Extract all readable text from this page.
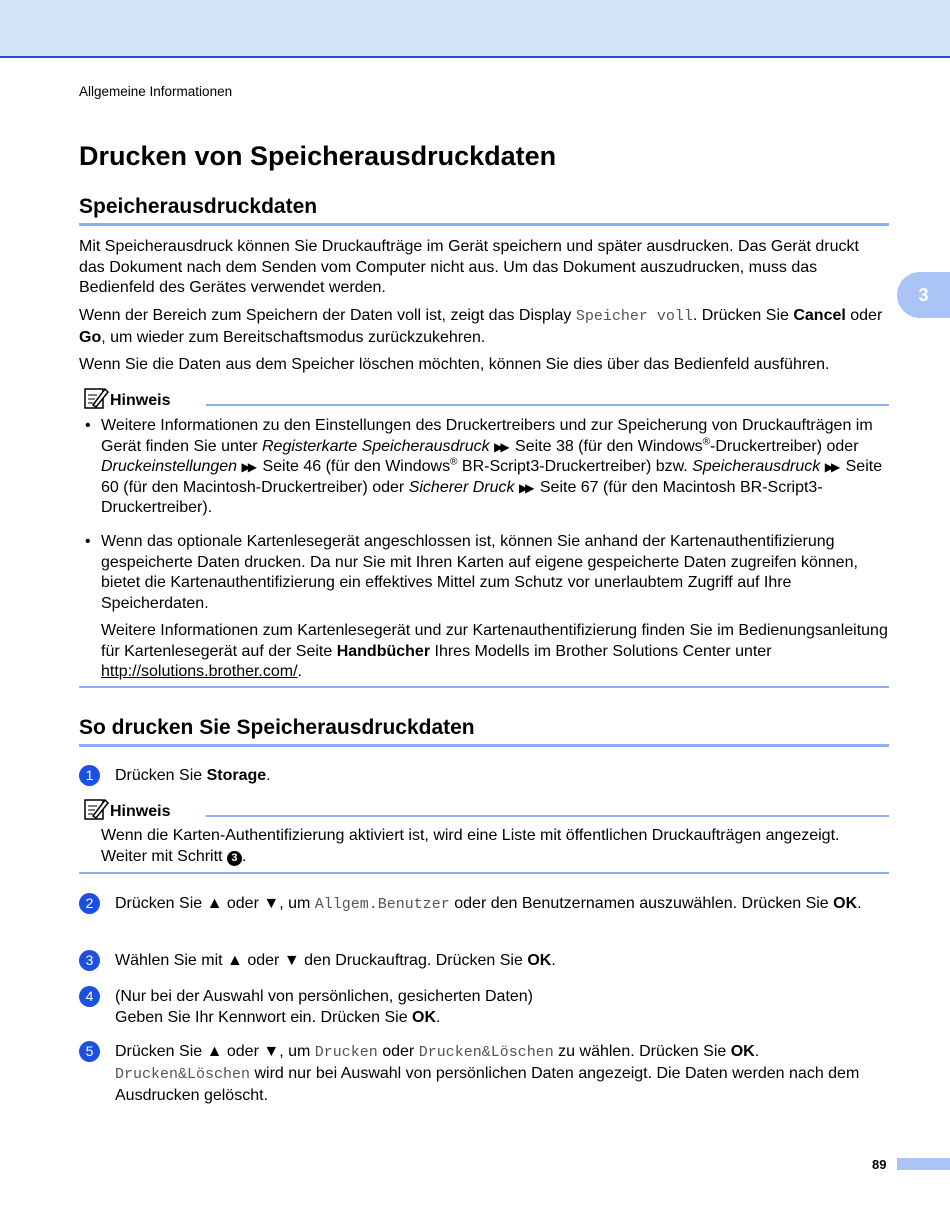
Allgemeine Informationen
3
Drucken von Speicherausdruckdaten
Speicherausdruckdaten

Mit Speicherausdruck können Sie Druckaufträge im Gerät speichern und später ausdrucken. Das Gerät druckt das Dokument nach dem Senden vom Computer nicht aus. Um das Dokument auszudrucken, muss das Bedienfeld des Gerätes verwendet werden.

Wenn der Bereich zum Speichern der Daten voll ist, zeigt das Display Speicher voll. Drücken Sie Cancel oder Go, um wieder zum Bereitschaftsmodus zurückzukehren.

Wenn Sie die Daten aus dem Speicher löschen möchten, können Sie dies über das Bedienfeld ausführen.

Hinweis
• Weitere Informationen zu den Einstellungen des Druckertreibers und zur Speicherung von Druckaufträgen im Gerät finden Sie unter Registerkarte Speicherausdruck ▶▶ Seite 38 (für den Windows®-Druckertreiber) oder Druckeinstellungen ▶▶ Seite 46 (für den Windows® BR-Script3-Druckertreiber) bzw. Speicherausdruck ▶▶ Seite 60 (für den Macintosh-Druckertreiber) oder Sicherer Druck ▶▶ Seite 67 (für den Macintosh BR-Script3-Druckertreiber).
• Wenn das optionale Kartenlesegerät angeschlossen ist, können Sie anhand der Kartenauthentifizierung gespeicherte Daten drucken. Da nur Sie mit Ihren Karten auf eigene gespeicherte Daten zugreifen können, bietet die Kartenauthentifizierung ein effektives Mittel zum Schutz vor unerlaubtem Zugriff auf Ihre Speicherdaten.
Weitere Informationen zum Kartenlesegerät und zur Kartenauthentifizierung finden Sie im Bedienungsanleitung für Kartenlesegerät auf der Seite Handbücher Ihres Modells im Brother Solutions Center unter http://solutions.brother.com/.
So drucken Sie Speicherausdruckdaten
1	Drücken Sie Storage.
Hinweis
Wenn die Karten-Authentifizierung aktiviert ist, wird eine Liste mit öffentlichen Druckaufträgen angezeigt. Weiter mit Schritt 3 .
2	Drücken Sie ▲ oder ▼, um Allgem.Benutzer oder den Benutzernamen auszuwählen. Drücken Sie OK.
3	Wählen Sie mit ▲ oder ▼ den Druckauftrag. Drücken Sie OK.
4	(Nur bei der Auswahl von persönlichen, gesicherten Daten)
Geben Sie Ihr Kennwort ein. Drücken Sie OK.
5	Drücken Sie ▲ oder ▼, um Drucken oder Drucken&Löschen zu wählen. Drücken Sie OK.
Drucken&Löschen wird nur bei Auswahl von persönlichen Daten angezeigt. Die Daten werden nach dem Ausdrucken gelöscht.
89
